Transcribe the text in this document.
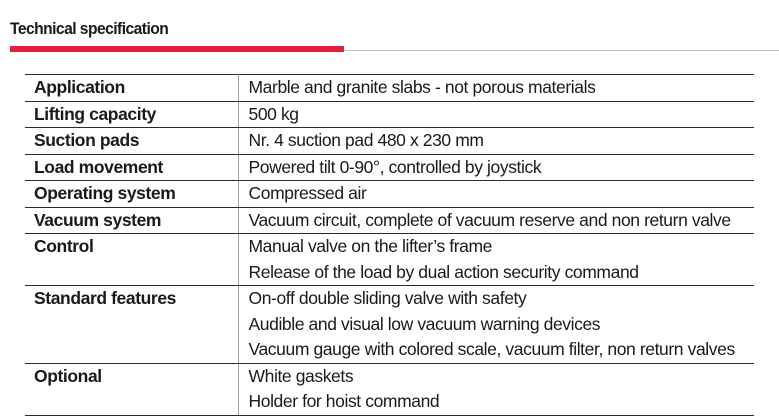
Technical specification
Application	Marble and granite slabs - not porous materials

Lifting capacity	500 kg

Suction pads	Nr. 4 suction pad 480 x 230 mm

Load movement	Powered tilt 0-90°, controlled by joystick

Operating system	Compressed air

Vacuum system	Vacuum circuit, complete of vacuum reserve and non return valve

Control	Manual valve on the lifter’s frame
Release of the load by dual action security command

Standard features	On-off double sliding valve with safety
Audible and visual low vacuum warning devices
Vacuum gauge with colored scale, vacuum filter, non return valves

Optional	White gaskets
Holder for hoist command
